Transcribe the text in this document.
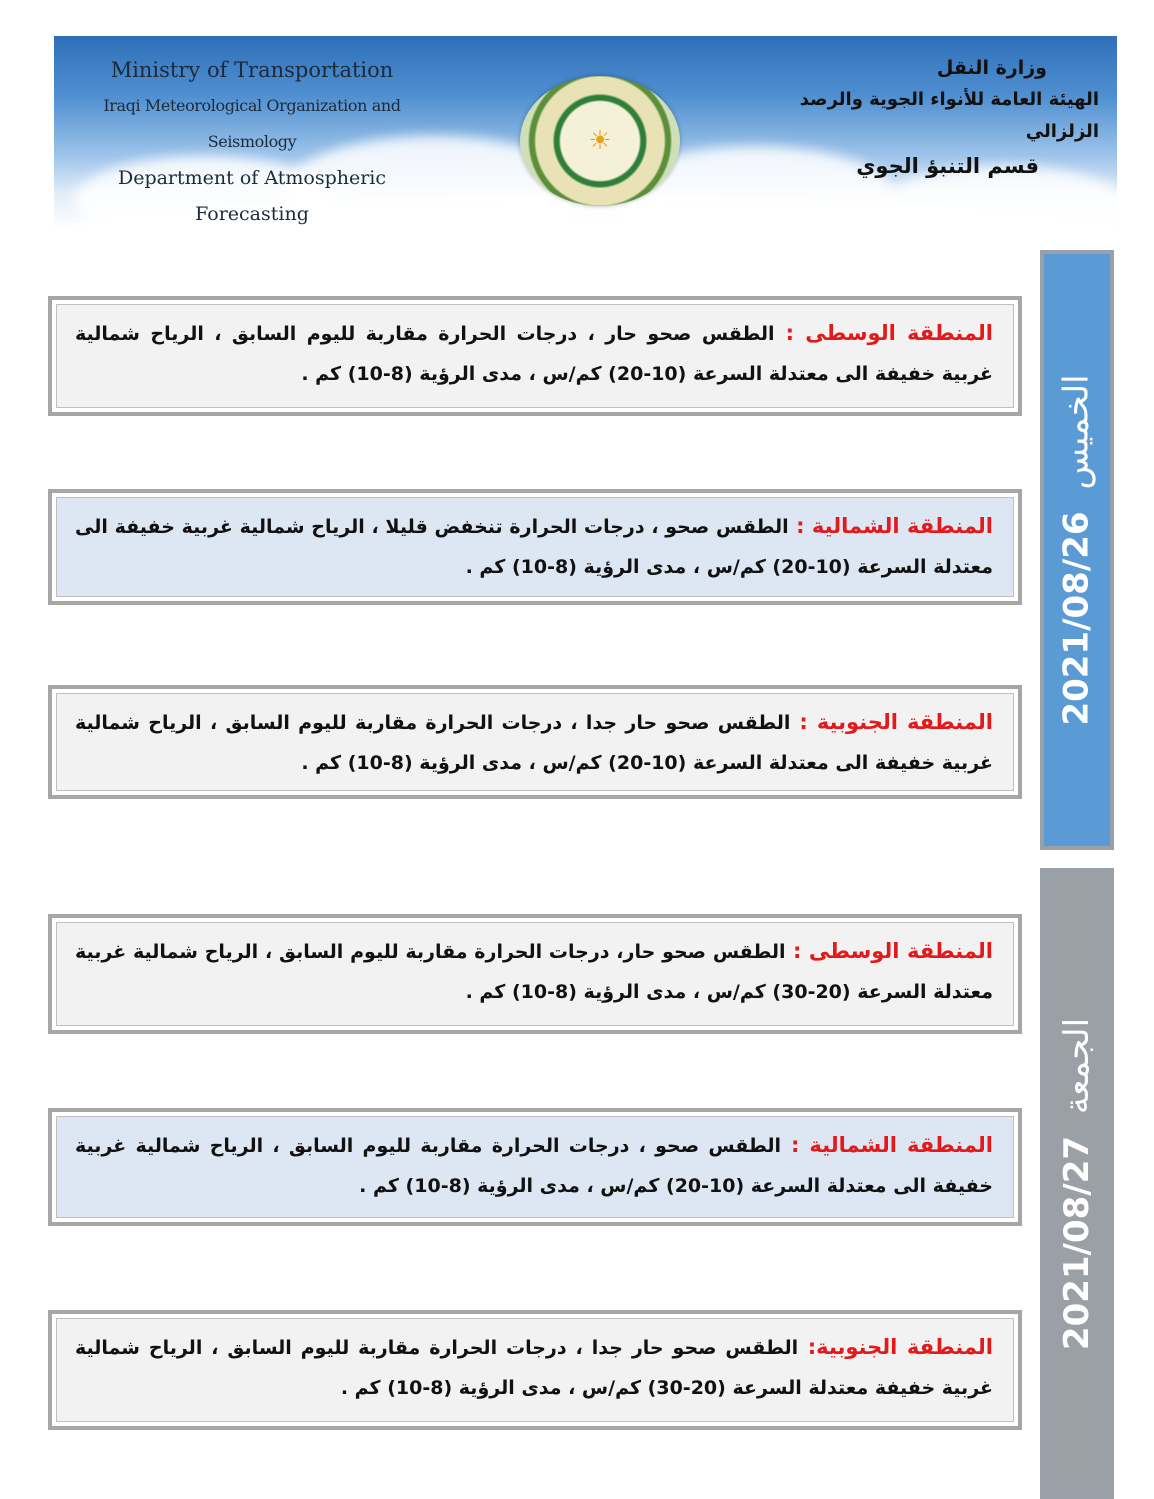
Ministry of Transportation
Iraqi Meteorological Organization and Seismology
Department of Atmospheric Forecasting
☀
وزارة النقل
الهيئة العامة للأنواء الجوية والرصد الزلزالي
قسم التنبؤ الجوي
2021/08/26
الخميس
2021/08/27
الجمعة
المنطقة الوسطى : الطقس صحو حار ، درجات الحرارة مقاربة لليوم السابق ، الرياح شمالية غربية خفيفة الى معتدلة السرعة (10-20) كم/س ، مدى الرؤية (8-10) كم .
المنطقة الشمالية : الطقس صحو ، درجات الحرارة تنخفض قليلا ، الرياح شمالية غربية خفيفة الى معتدلة السرعة (10-20) كم/س ، مدى الرؤية (8-10) كم .
المنطقة الجنوبية : الطقس صحو حار جدا ، درجات الحرارة مقاربة لليوم السابق ، الرياح شمالية غربية خفيفة الى معتدلة السرعة (10-20) كم/س ، مدى الرؤية (8-10) كم .
المنطقة الوسطى : الطقس صحو حار، درجات الحرارة مقاربة لليوم السابق ، الرياح شمالية غربية معتدلة السرعة (20-30) كم/س ، مدى الرؤية (8-10) كم .
المنطقة الشمالية : الطقس صحو ، درجات الحرارة مقاربة لليوم السابق ، الرياح شمالية غربية خفيفة الى معتدلة السرعة (10-20) كم/س ، مدى الرؤية (8-10) كم .
المنطقة الجنوبية: الطقس صحو حار جدا ، درجات الحرارة مقاربة لليوم السابق ، الرياح شمالية غربية خفيفة معتدلة السرعة (20-30) كم/س ، مدى الرؤية (8-10) كم .
